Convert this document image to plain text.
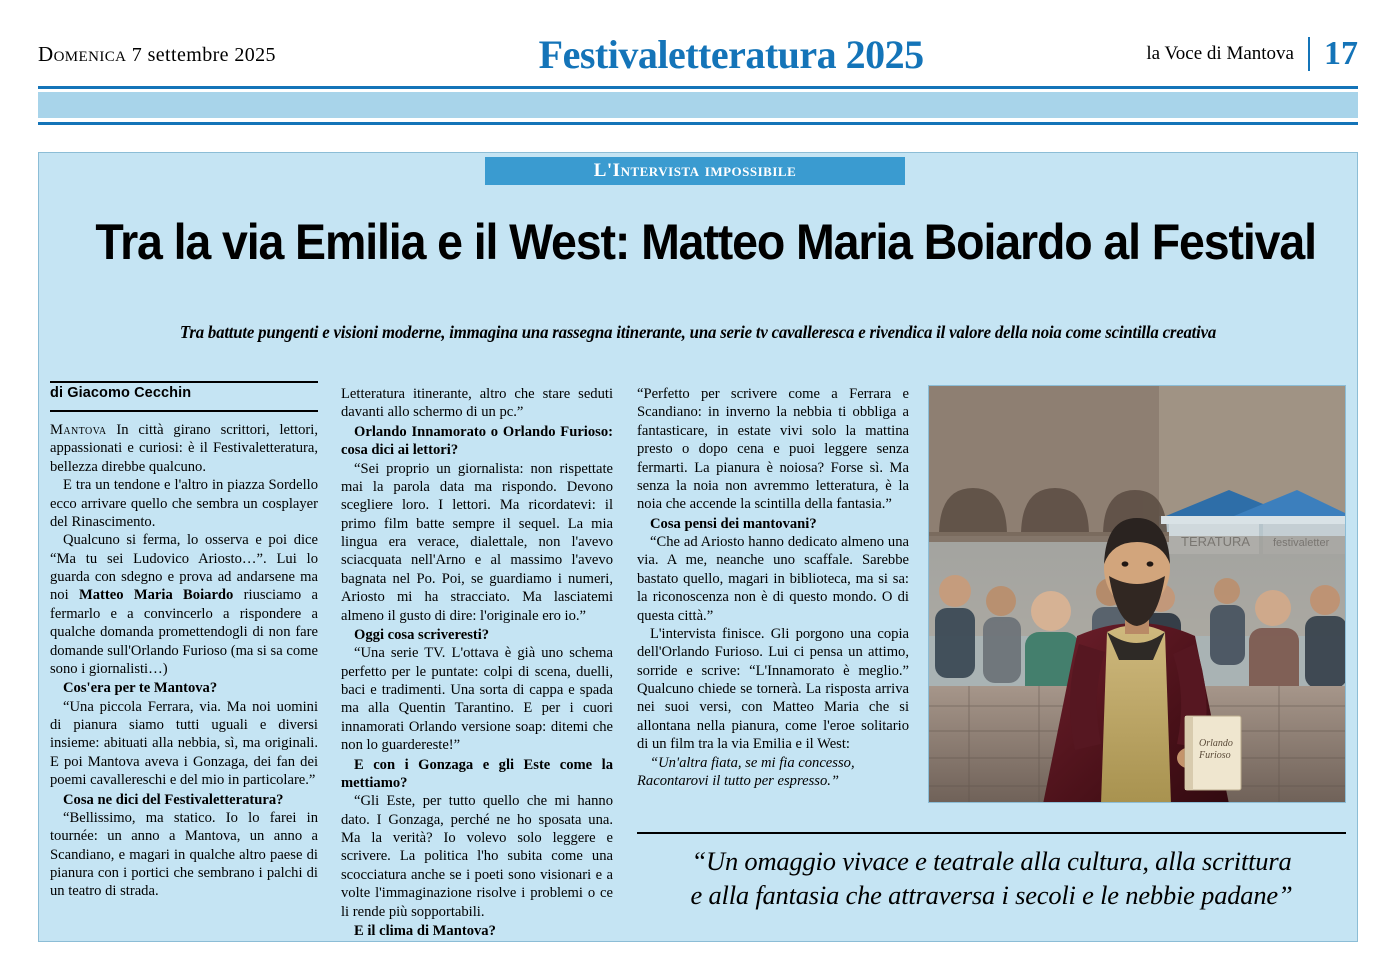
Domenica 7 settembre 2025	Festivaletteratura 2025	la Voce di Mantova 17
L'Intervista impossibile
Tra la via Emilia e il West: Matteo Maria Boiardo al Festival
Tra battute pungenti e visioni moderne, immagina una rassegna itinerante, una serie tv cavalleresca e rivendica il valore della noia come scintilla creativa
di Giacomo Cecchin

Mantova In città girano scrittori, lettori, appassionati e curiosi: è il Festivaletteratura, bellezza direbbe qualcuno.

E tra un tendone e l'altro in piazza Sordello ecco arrivare quello che sembra un cosplayer del Rinascimento.

Qualcuno si ferma, lo osserva e poi dice “Ma tu sei Ludovico Ariosto…”. Lui lo guarda con sdegno e prova ad andarsene ma noi Matteo Maria Boiardo riusciamo a fermarlo e a convincerlo a rispondere a qualche domanda promettendogli di non fare domande sull'Orlando Furioso (ma si sa come sono i giornalisti…)

Cos'era per te Mantova?

“Una piccola Ferrara, via. Ma noi uomini di pianura siamo tutti uguali e diversi insieme: abituati alla nebbia, sì, ma originali. E poi Mantova aveva i Gonzaga, dei fan dei poemi cavallereschi e del mio in particolare.”

Cosa ne dici del Festivaletteratura?

“Bellissimo, ma statico. Io lo farei in tournée: un anno a Mantova, un anno a Scandiano, e magari in qualche altro paese di pianura con i portici che sembrano i palchi di un teatro di strada.

Letteratura itinerante, altro che stare seduti davanti allo schermo di un pc.”

Orlando Innamorato o Orlando Furioso: cosa dici ai lettori?

“Sei proprio un giornalista: non rispettate mai la parola data ma rispondo. Devono scegliere loro. I lettori. Ma ricordatevi: il primo film batte sempre il sequel. La mia lingua era verace, dialettale, non l'avevo sciacquata nell'Arno e al massimo l'avevo bagnata nel Po. Poi, se guardiamo i numeri, Ariosto mi ha stracciato. Ma lasciatemi almeno il gusto di dire: l'originale ero io.”

Oggi cosa scriveresti?

“Una serie TV. L'ottava è già uno schema perfetto per le puntate: colpi di scena, duelli, baci e tradimenti. Una sorta di cappa e spada ma alla Quentin Tarantino. E per i cuori innamorati Orlando versione soap: ditemi che non lo guardereste!”

E con i Gonzaga e gli Este come la mettiamo?

“Gli Este, per tutto quello che mi hanno dato. I Gonzaga, perché ne ho sposata una. Ma la verità? Io volevo solo leggere e scrivere. La politica l'ho subita come una scocciatura anche se i poeti sono visionari e a volte l'immaginazione risolve i problemi o ce li rende più sopportabili.

E il clima di Mantova?

“Perfetto per scrivere come a Ferrara e Scandiano: in inverno la nebbia ti obbliga a fantasticare, in estate vivi solo la mattina presto o dopo cena e puoi leggere senza fermarti. La pianura è noiosa? Forse sì. Ma senza la noia non avremmo letteratura, è la noia che accende la scintilla della fantasia.”

Cosa pensi dei mantovani?

“Che ad Ariosto hanno dedicato almeno una via. A me, neanche uno scaffale. Sarebbe bastato quello, magari in biblioteca, ma si sa: la riconoscenza non è di questo mondo. O di questa città.”

L'intervista finisce. Gli porgono una copia dell'Orlando Furioso. Lui ci pensa un attimo, sorride e scrive: “L'Innamorato è meglio.” Qualcuno chiede se tornerà. La risposta arriva nei suoi versi, con Matteo Maria che si allontana nella pianura, come l'eroe solitario di un film tra la via Emilia e il West:

“Un'altra fiata, se mi fia concesso,

Racontarovi il tutto per espresso.”

Orlando
Furioso
“Un omaggio vivace e teatrale alla cultura, alla scrittura
e alla fantasia che attraversa i secoli e le nebbie padane”
